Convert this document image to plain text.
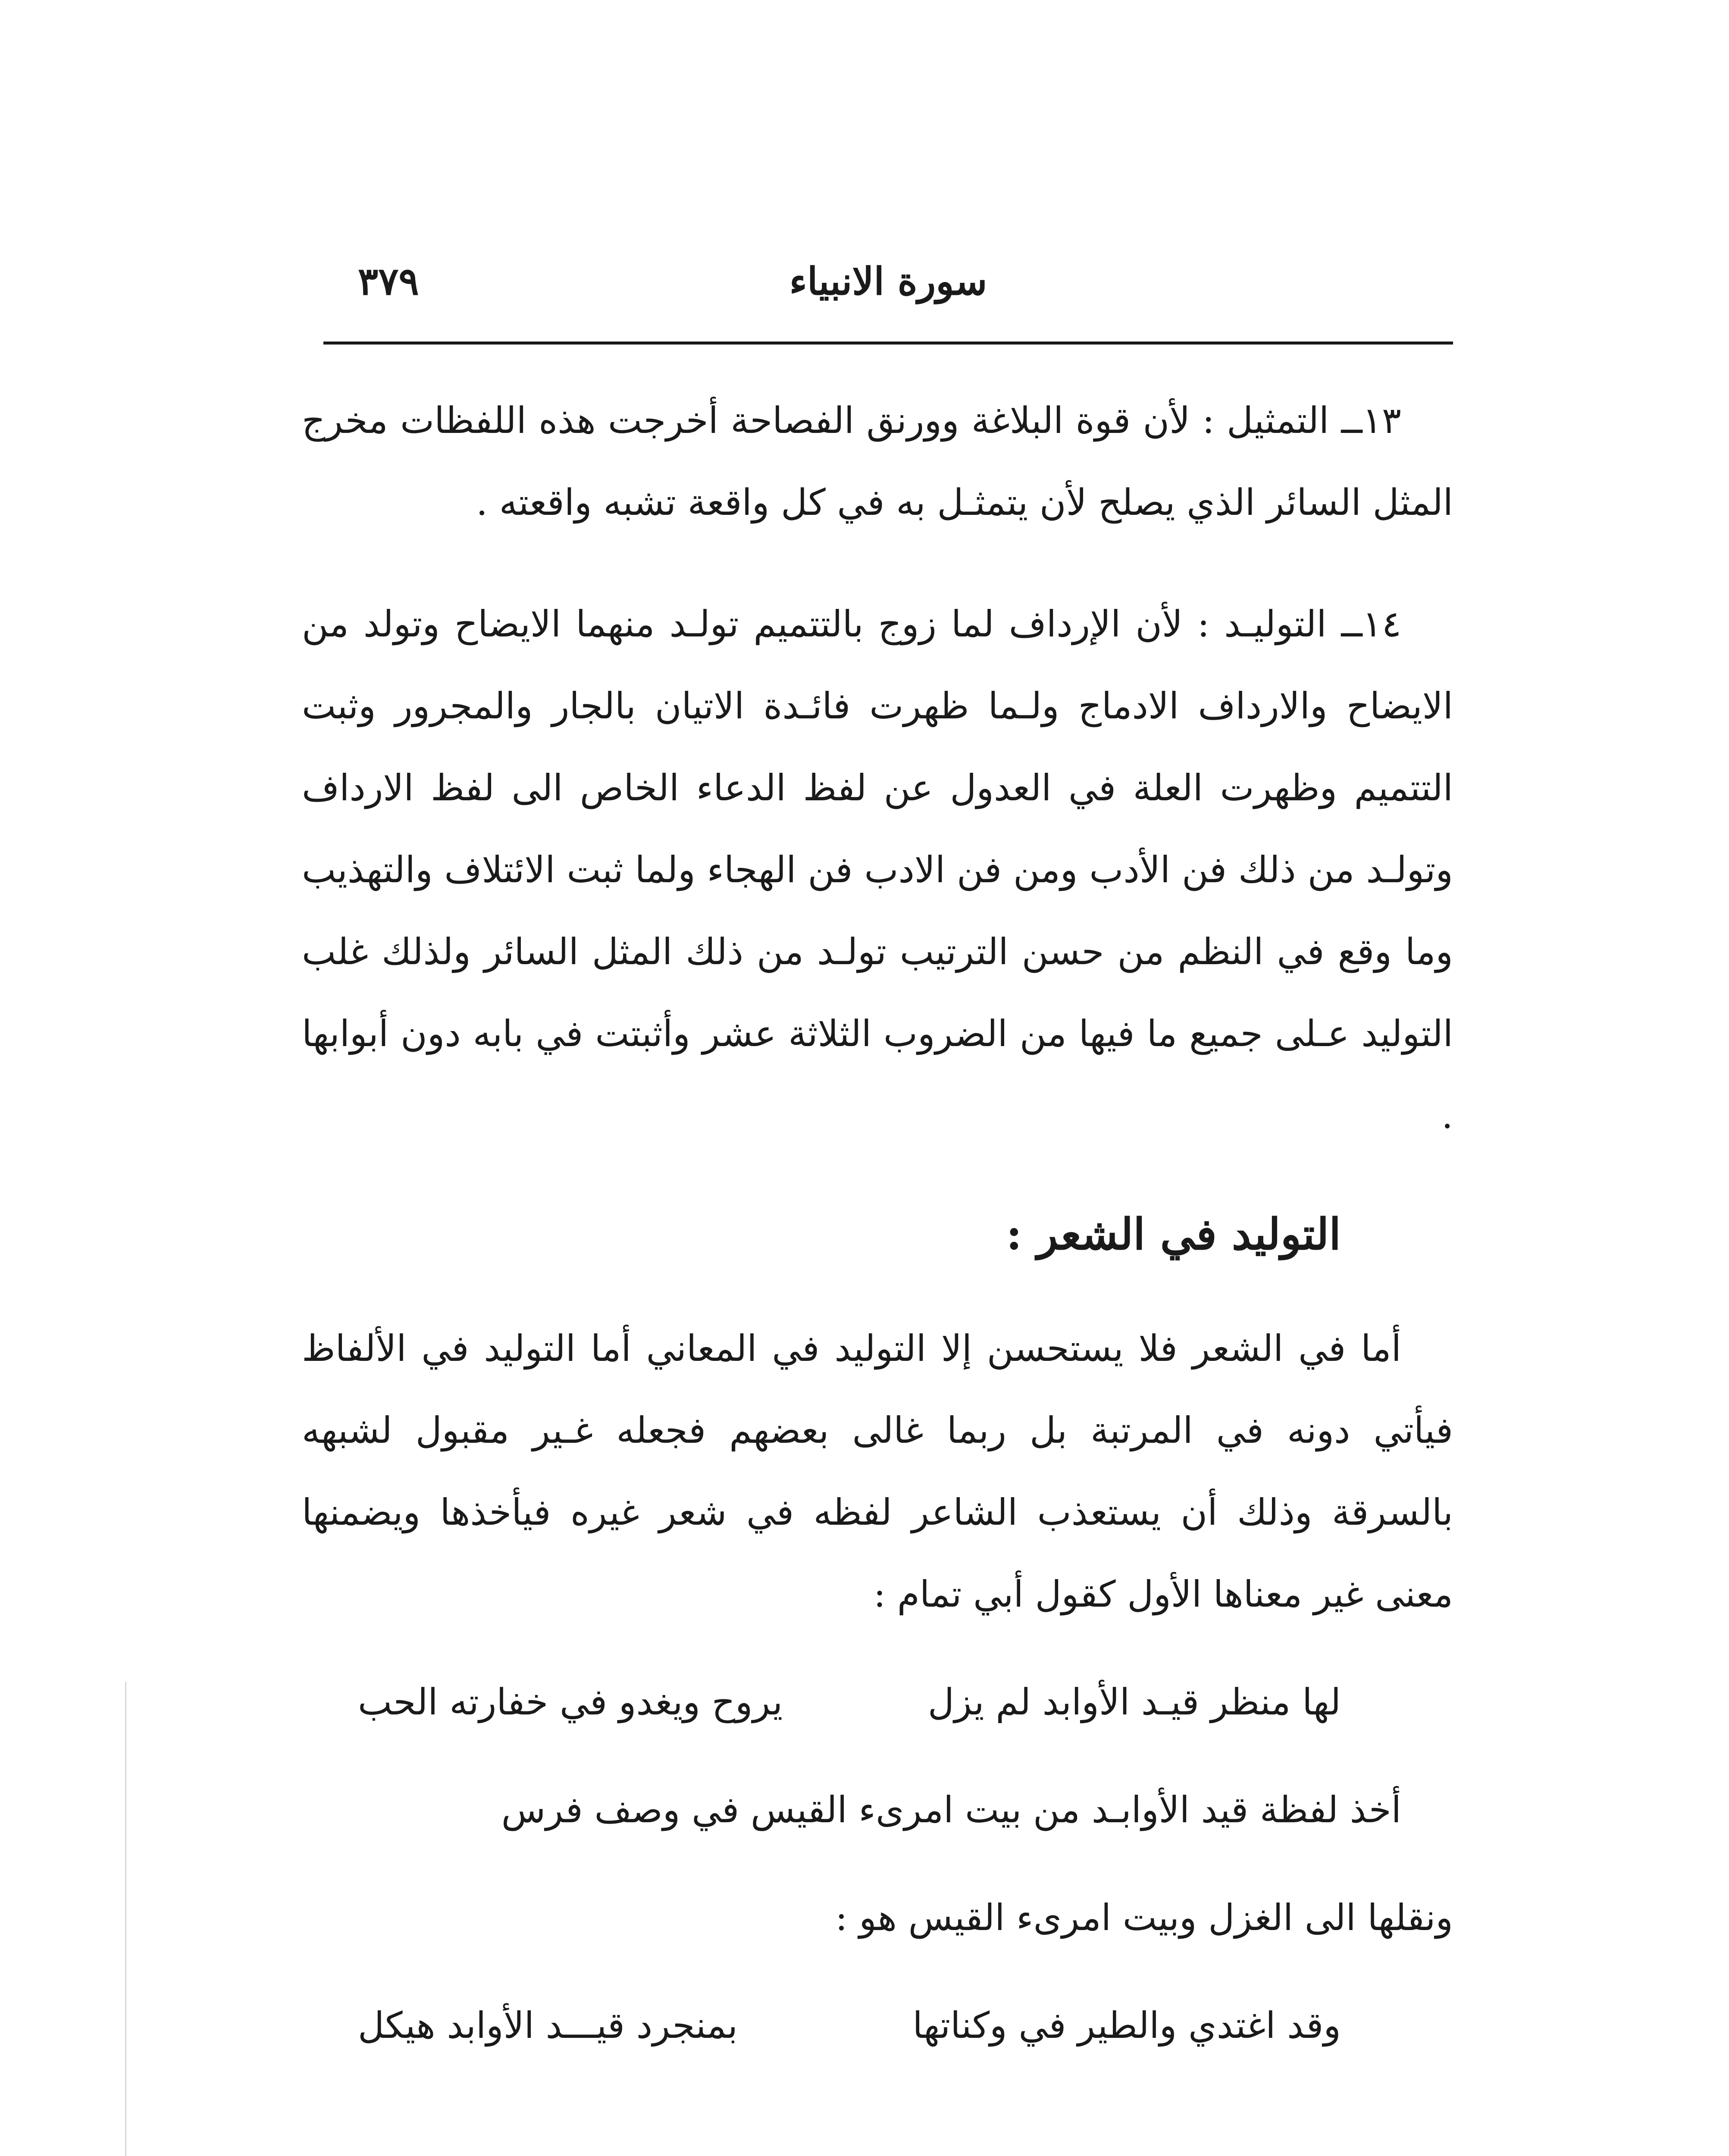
سورة الانبياء
٣٧٩

١٣ــ التمثيل : لأن قوة البلاغة وورنق الفصاحة أخرجت هذه اللفظات مخرج المثل السائر الذي يصلح لأن يتمثـل به في كل واقعة تشبه واقعته .

١٤ــ التوليـد : لأن الإرداف لما زوج بالتتميم تولـد منهما الايضاح وتولد من الايضاح والارداف الادماج ولـما ظهرت فائـدة الاتيان بالجار والمجرور وثبت التتميم وظهرت العلة في العدول عن لفظ الدعاء الخاص الى لفظ الارداف وتولـد من ذلك فن الأدب ومن فن الادب فن الهجاء ولما ثبت الائتلاف والتهذيب وما وقع في النظم من حسن الترتيب تولـد من ذلك المثل السائر ولذلك غلب التوليد عـلى جميع ما فيها من الضروب الثلاثة عشر وأثبتت في بابه دون أبوابها .

التوليد في الشعر :

أما في الشعر فلا يستحسن إلا التوليد في المعاني أما التوليد في الألفاظ فيأتي دونه في المرتبة بل ربما غالى بعضهم فجعله غـير مقبول لشبهه بالسرقة وذلك أن يستعذب الشاعر لفظه في شعر غيره فيأخذها ويضمنها معنى غير معناها الأول كقول أبي تمام :

لها منظر قيـد الأوابد لم يزل
يروح ويغدو في خفارته الحب

أخذ لفظة قيد الأوابـد من بيت امرىء القيس في وصف فرس

ونقلها الى الغزل وبيت امرىء القيس هو :

وقد اغتدي والطير في وكناتها
بمنجرد قيـــد الأوابد هيكل
